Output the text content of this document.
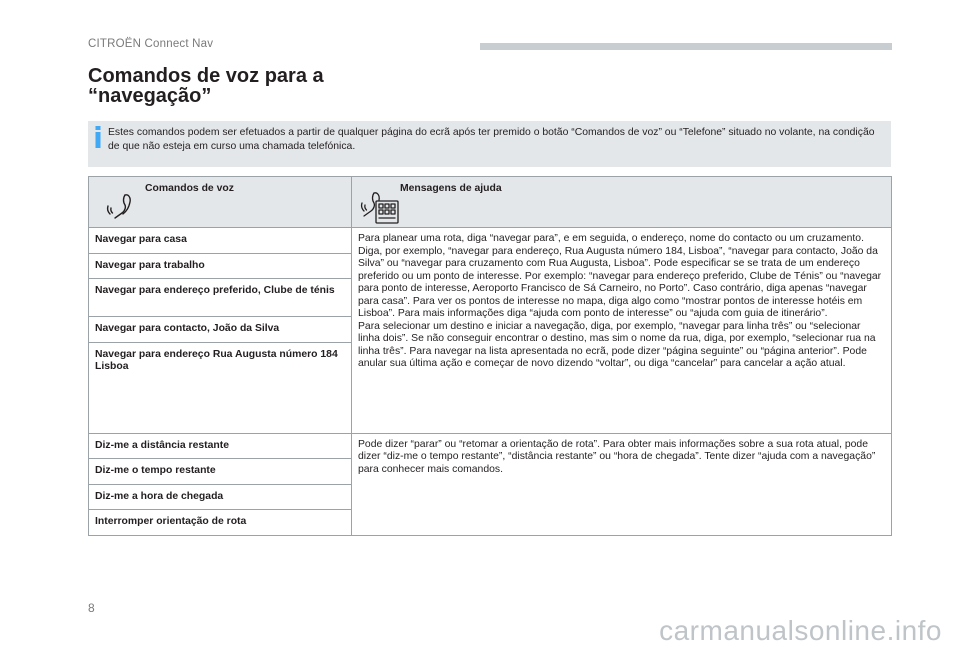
CITROËN Connect Nav
Comandos de voz para a
“navegação”
Estes comandos podem ser efetuados a partir de qualquer página do ecrã após ter premido o botão “Comandos de voz” ou “Telefone” situado no volante, na condição de que não esteja em curso uma chamada telefónica.
Comandos de voz	Mensagens de ajuda

Navegar para casa	Para planear uma rota, diga “navegar para”, e em seguida, o endereço, nome do contacto ou um cruzamento. Diga, por exemplo, “navegar para endereço, Rua Augusta número 184, Lisboa”, “navegar para contacto, João da Silva” ou “navegar para cruzamento com Rua Augusta, Lisboa”. Pode especificar se se trata de um endereço preferido ou um ponto de interesse. Por exemplo: “navegar para endereço preferido, Clube de Ténis” ou “navegar para ponto de interesse, Aeroporto Francisco de Sá Carneiro, no Porto”. Caso contrário, diga apenas “navegar para casa”. Para ver os pontos de interesse no mapa, diga algo como “mostrar pontos de interesse hotéis em Lisboa”. Para mais informações diga “ajuda com ponto de interesse” ou “ajuda com guia de itinerário”.

Para selecionar um destino e iniciar a navegação, diga, por exemplo, “navegar para linha três” ou “selecionar linha dois”. Se não conseguir encontrar o destino, mas sim o nome da rua, diga, por exemplo, “selecionar rua na linha três”. Para navegar na lista apresentada no ecrã, pode dizer “página seguinte” ou “página anterior”. Pode anular sua última ação e começar de novo dizendo “voltar”, ou diga “cancelar” para cancelar a ação atual.

Navegar para trabalho	
Navegar para endereço preferido, Clube de ténis	
Navegar para contacto, João da Silva	
Navegar para endereço Rua Augusta número 184 Lisboa	
Diz-me a distância restante	Pode dizer “parar” ou “retomar a orientação de rota”. Para obter mais informações sobre a sua rota atual, pode dizer “diz-me o tempo restante”, “distância restante” ou “hora de chegada”. Tente dizer “ajuda com a navegação” para conhecer mais comandos.

Diz-me o tempo restante	
Diz-me a hora de chegada	
Interromper orientação de rota	
8
carmanualsonline.info
